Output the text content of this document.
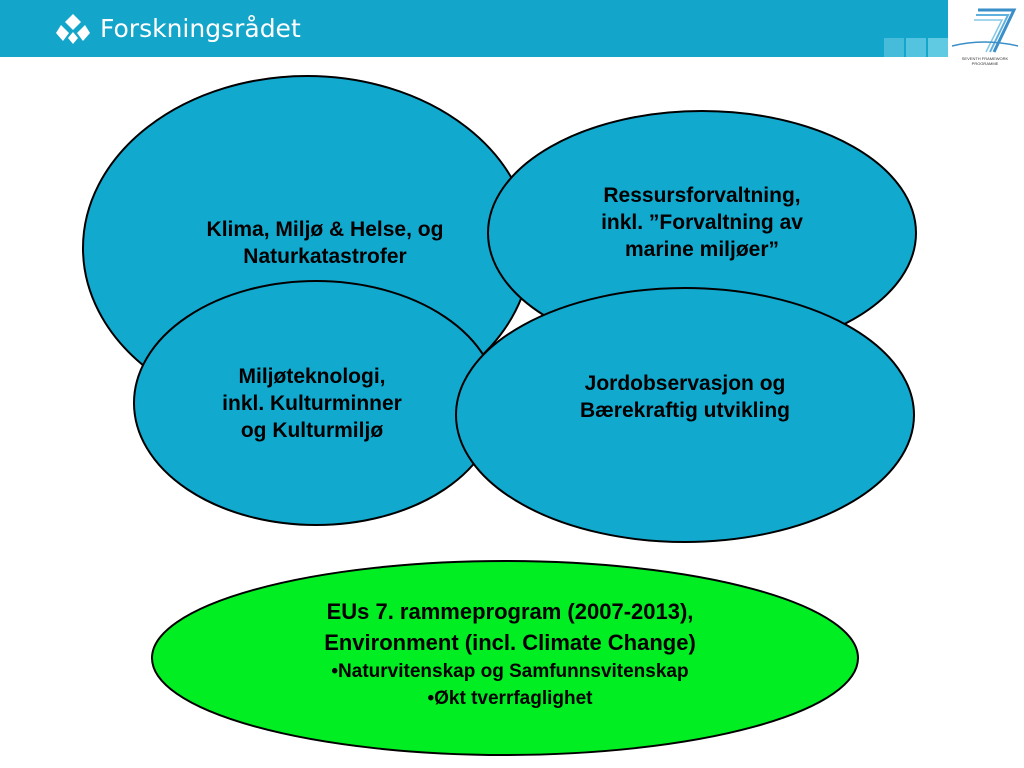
Forskningsrådet
SEVENTH FRAMEWORK PROGRAMME
Klima, Miljø & Helse, og Naturkatastrofer
Ressursforvaltning,
inkl. ”Forvaltning av
marine miljøer”
Miljøteknologi,
inkl. Kulturminner
og Kulturmiljø
Jordobservasjon og
Bærekraftig utvikling
EUs 7. rammeprogram (2007-2013),
Environment (incl. Climate Change)
•Naturvitenskap og Samfunnsvitenskap
•Økt tverrfaglighet
